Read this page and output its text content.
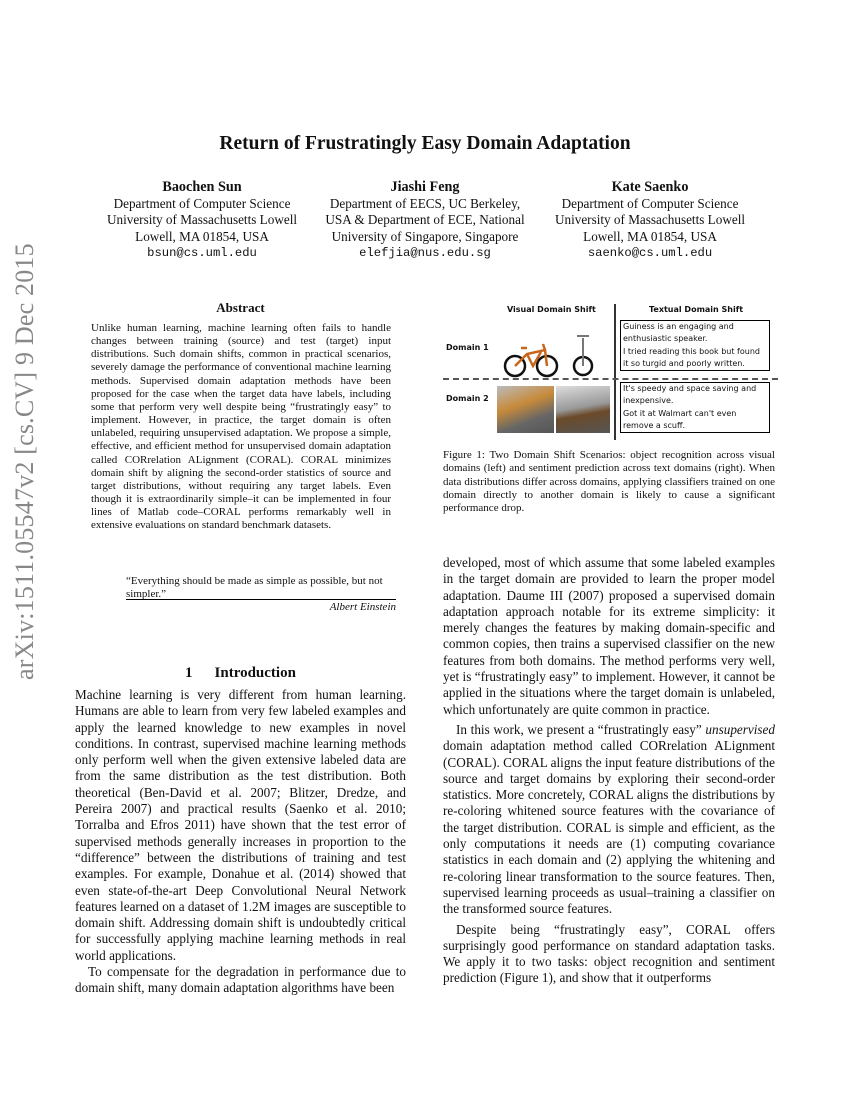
arXiv:1511.05547v2 [cs.CV] 9 Dec 2015
Return of Frustratingly Easy Domain Adaptation
Baochen Sun
Department of Computer Science
University of Massachusetts Lowell
Lowell, MA 01854, USA
bsun@cs.uml.edu
Jiashi Feng
Department of EECS, UC Berkeley,
USA & Department of ECE, National
University of Singapore, Singapore
elefjia@nus.edu.sg
Kate Saenko
Department of Computer Science
University of Massachusetts Lowell
Lowell, MA 01854, USA
saenko@cs.uml.edu
Abstract
Unlike human learning, machine learning often fails to handle changes between training (source) and test (target) input distributions. Such domain shifts, common in practical scenarios, severely damage the performance of conventional machine learning methods. Supervised domain adaptation methods have been proposed for the case when the target data have labels, including some that perform very well despite being “frustratingly easy” to implement. However, in practice, the target domain is often unlabeled, requiring unsupervised adaptation. We propose a simple, effective, and efficient method for unsupervised domain adaptation called CORrelation ALignment (CORAL). CORAL minimizes domain shift by aligning the second-order statistics of source and target distributions, without requiring any target labels. Even though it is extraordinarily simple–it can be implemented in four lines of Matlab code–CORAL performs remarkably well in extensive evaluations on standard benchmark datasets.
“Everything should be made as simple as possible, but not simpler.”
Albert Einstein
1 Introduction

Machine learning is very different from human learning. Humans are able to learn from very few labeled examples and apply the learned knowledge to new examples in novel conditions. In contrast, supervised machine learning methods only perform well when the given extensive labeled data are from the same distribution as the test distribution. Both theoretical (Ben-David et al. 2007; Blitzer, Dredze, and Pereira 2007) and practical results (Saenko et al. 2010; Torralba and Efros 2011) have shown that the test error of supervised methods generally increases in proportion to the “difference” between the distributions of training and test examples. For example, Donahue et al. (2014) showed that even state-of-the-art Deep Convolutional Neural Network features learned on a dataset of 1.2M images are susceptible to domain shift. Addressing domain shift is undoubtedly critical for successfully applying machine learning methods in real world applications.

To compensate for the degradation in performance due to domain shift, many domain adaptation algorithms have been

Visual Domain Shift	Textual Domain Shift
Domain 1
Domain 2
Guiness is an engaging and
enthusiastic speaker.
I tried reading this book but found
it so turgid and poorly written.
It's speedy and space saving and
inexpensive.
Got it at Walmart can't even
remove a scuff.
Figure 1: Two Domain Shift Scenarios: object recognition across visual domains (left) and sentiment prediction across text domains (right). When data distributions differ across domains, applying classifiers trained on one domain directly to another domain is likely to cause a significant performance drop.

developed, most of which assume that some labeled examples in the target domain are provided to learn the proper model adaptation. Daume III (2007) proposed a supervised domain adaptation approach notable for its extreme simplicity: it merely changes the features by making domain-specific and common copies, then trains a supervised classifier on the new features from both domains. The method performs very well, yet is “frustratingly easy” to implement. However, it cannot be applied in the situations where the target domain is unlabeled, which unfortunately are quite common in practice.

In this work, we present a “frustratingly easy” unsupervised domain adaptation method called CORrelation ALignment (CORAL). CORAL aligns the input feature distributions of the source and target domains by exploring their second-order statistics. More concretely, CORAL aligns the distributions by re-coloring whitened source features with the covariance of the target distribution. CORAL is simple and efficient, as the only computations it needs are (1) computing covariance statistics in each domain and (2) applying the whitening and re-coloring linear transformation to the source features. Then, supervised learning proceeds as usual–training a classifier on the transformed source features.

Despite being “frustratingly easy”, CORAL offers surprisingly good performance on standard adaptation tasks. We apply it to two tasks: object recognition and sentiment prediction (Figure 1), and show that it outperforms
